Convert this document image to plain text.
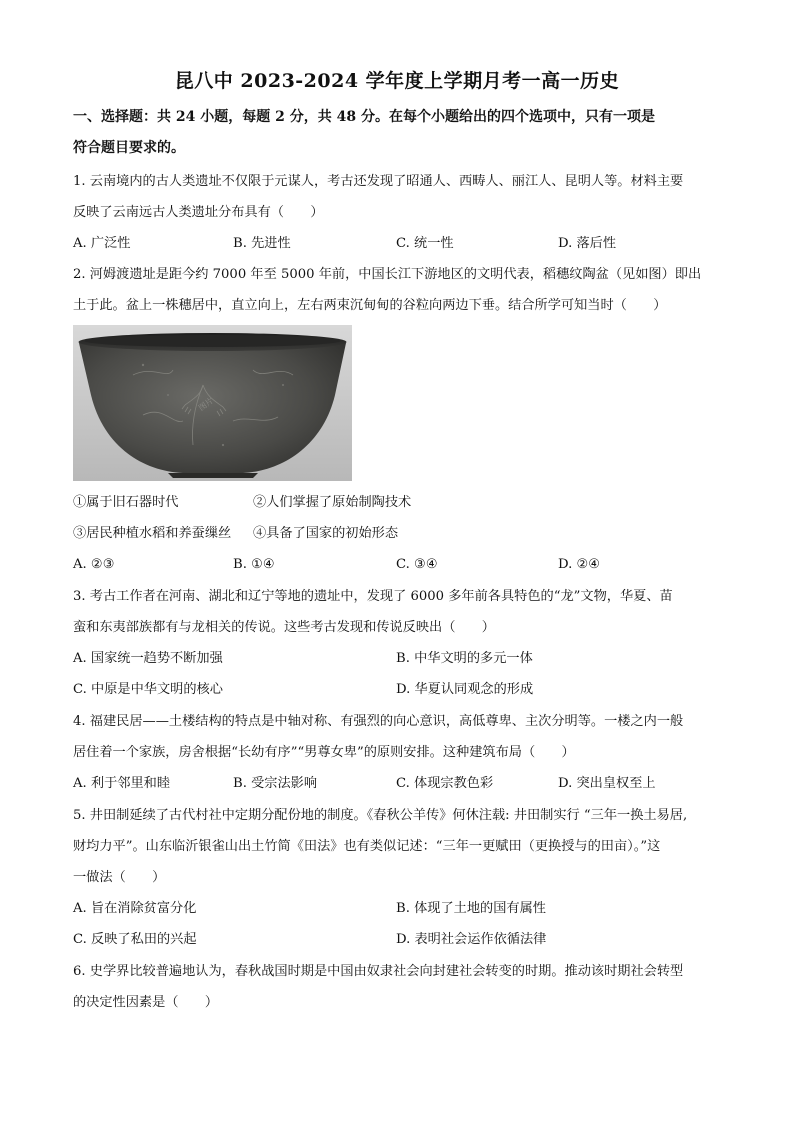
昆八中 2023-2024 学年度上学期月考一高一历史
一、选择题：共 24 小题，每题 2 分，共 48 分。在每个小题给出的四个选项中，只有一项是
符合题目要求的。
1. 云南境内的古人类遗址不仅限于元谋人，考古还发现了昭通人、西畴人、丽江人、昆明人等。材料主要
反映了云南远古人类遗址分布具有（　　）
A. 广泛性	B. 先进性	C. 统一性	D. 落后性
2. 河姆渡遗址是距今约 7000 年至 5000 年前，中国长江下游地区的文明代表，稻穗纹陶盆（见如图）即出
土于此。盆上一株穗居中，直立向上，左右两束沉甸甸的谷粒向两边下垂。结合所学可知当时（　　）
图片
①属于旧石器时代	②人们掌握了原始制陶技术
③居民种植水稻和养蚕缫丝 ④具备了国家的初始形态
A. ②③	B. ①④	C. ③④	D. ②④
3. 考古工作者在河南、湖北和辽宁等地的遗址中，发现了 6000 多年前各具特色的“龙”文物，华夏、苗
蛮和东夷部族都有与龙相关的传说。这些考古发现和传说反映出（　　）
A. 国家统一趋势不断加强	B. 中华文明的多元一体
C. 中原是中华文明的核心	D. 华夏认同观念的形成
4. 福建民居——土楼结构的特点是中轴对称、有强烈的向心意识，高低尊卑、主次分明等。一楼之内一般
居住着一个家族，房舍根据“长幼有序”“男尊女卑”的原则安排。这种建筑布局（　　）
A. 利于邻里和睦	B. 受宗法影响	C. 体现宗教色彩	D. 突出皇权至上
5. 井田制延续了古代村社中定期分配份地的制度。《春秋公羊传》何休注载: 井田制实行 “三年一换土易居,
财均力平”。山东临沂银雀山出土竹简《田法》也有类似记述：“三年一更赋田（更换授与的田亩）。”这
一做法（　　）
A. 旨在消除贫富分化	B. 体现了土地的国有属性
C. 反映了私田的兴起	D. 表明社会运作依循法律
6. 史学界比较普遍地认为，春秋战国时期是中国由奴隶社会向封建社会转变的时期。推动该时期社会转型
的决定性因素是（　　）
